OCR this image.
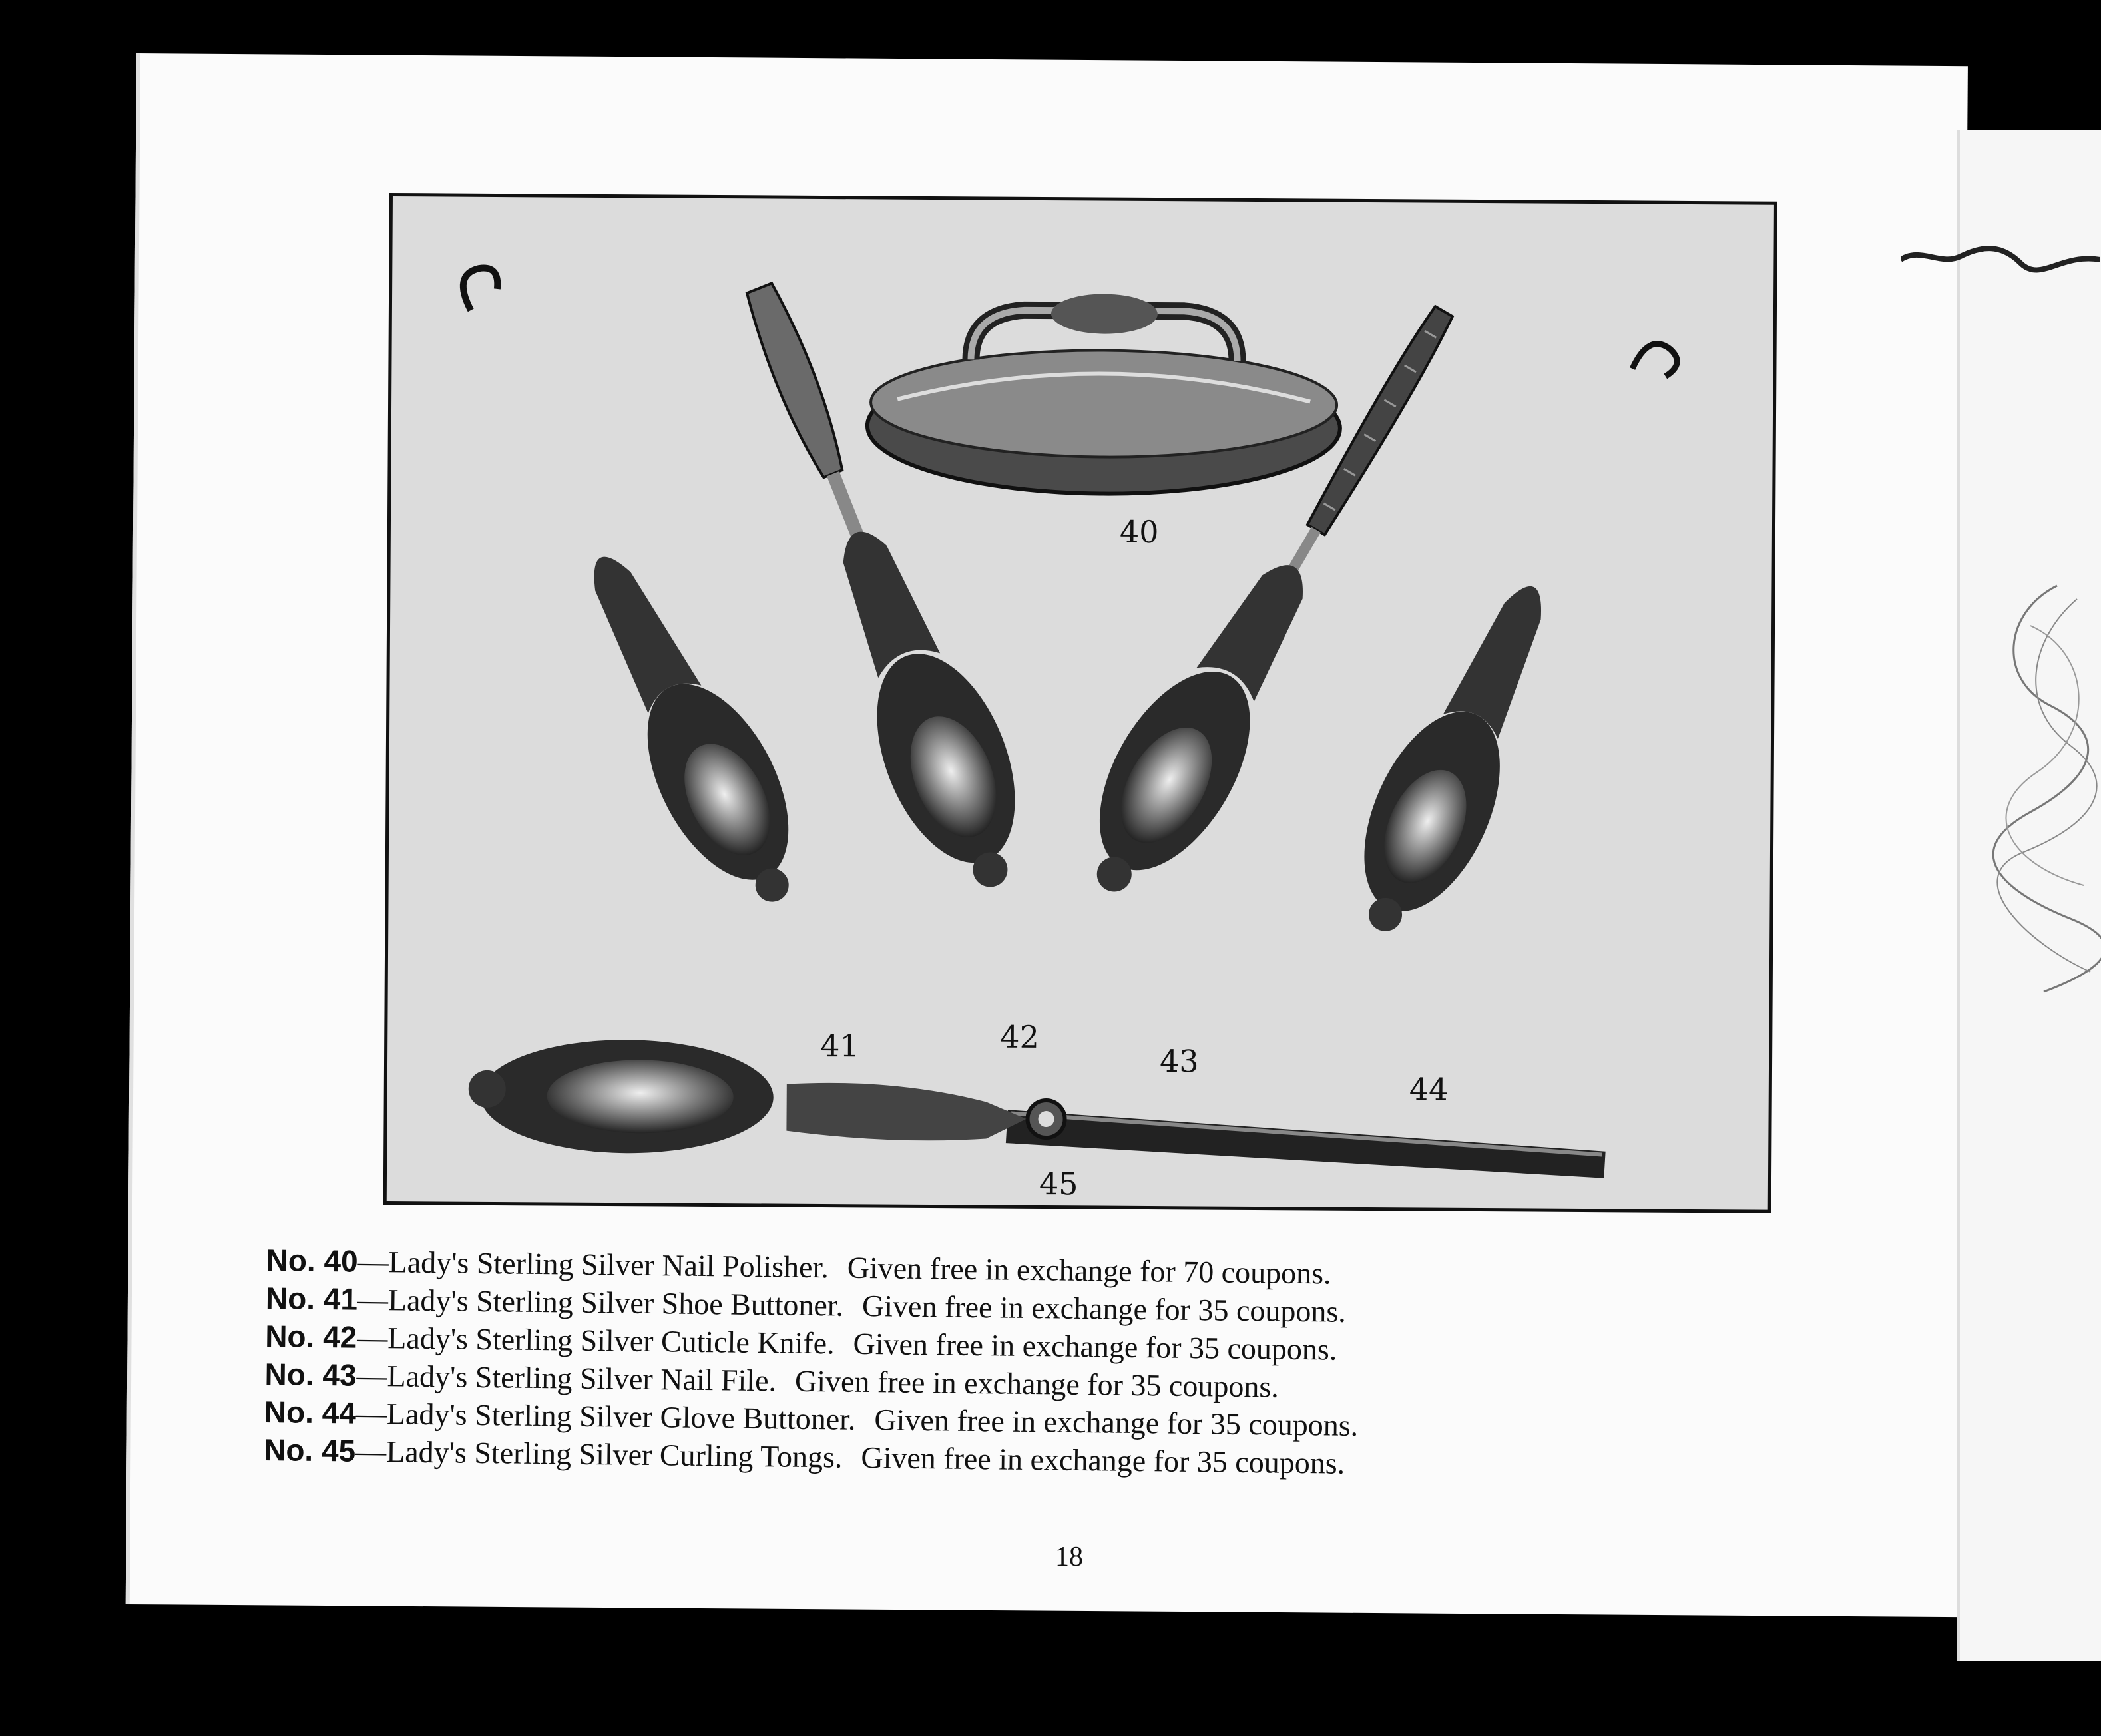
40
41	42
43
44
45
No. 40—Lady's Sterling Silver Nail Polisher. Given free in exchange for 70 coupons.
No. 41—Lady's Sterling Silver Shoe Buttoner. Given free in exchange for 35 coupons.
No. 42—Lady's Sterling Silver Cuticle Knife. Given free in exchange for 35 coupons.
No. 43—Lady's Sterling Silver Nail File. Given free in exchange for 35 coupons.
No. 44—Lady's Sterling Silver Glove Buttoner. Given free in exchange for 35 coupons.
No. 45—Lady's Sterling Silver Curling Tongs. Given free in exchange for 35 coupons.
18
